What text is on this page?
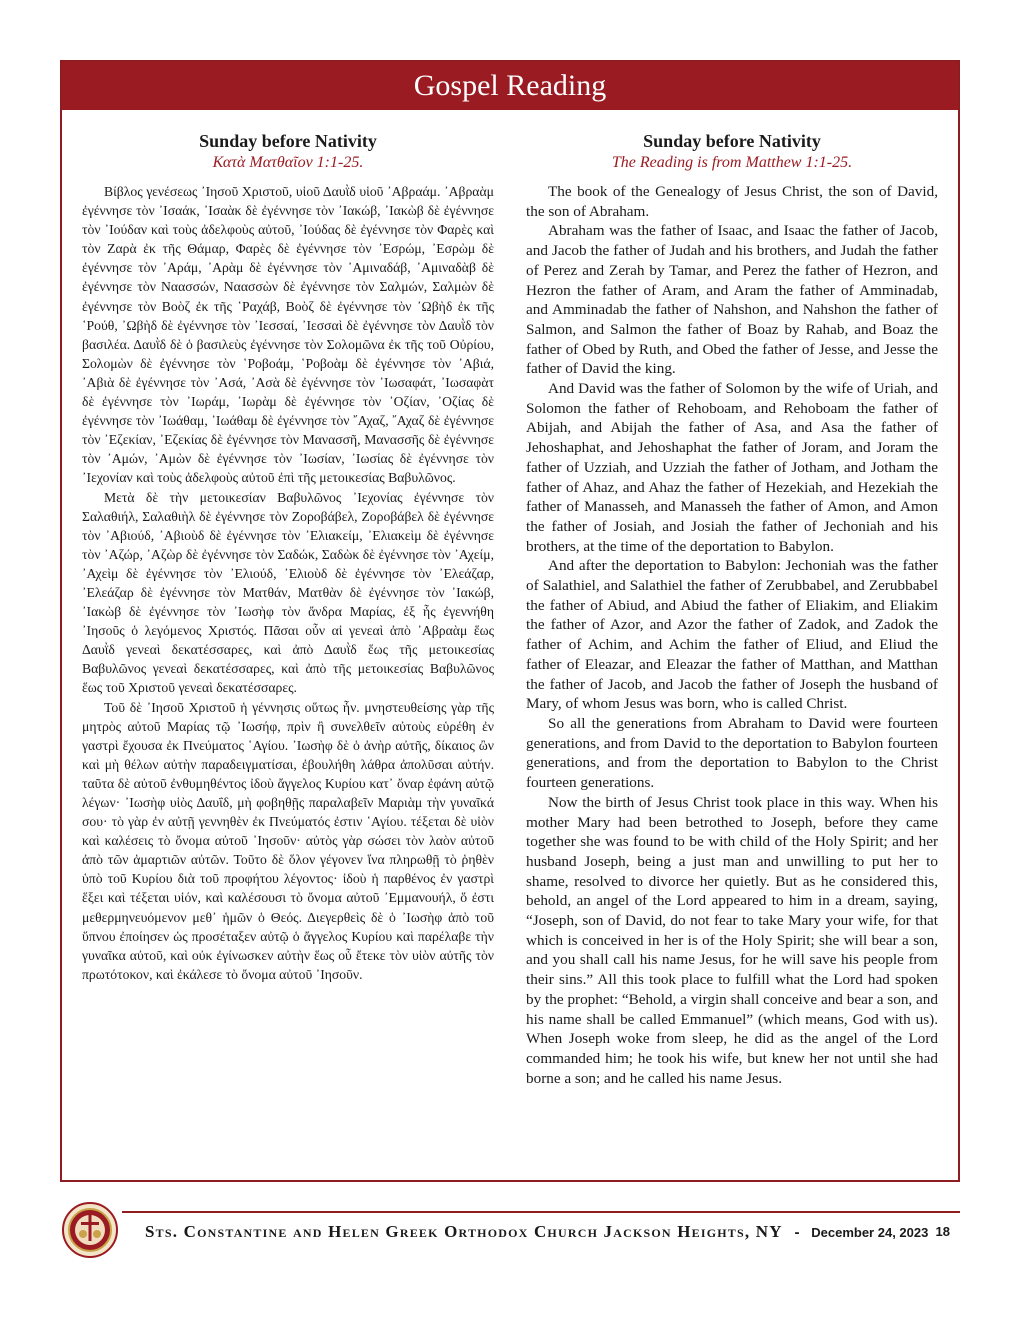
Gospel Reading
Sunday before Nativity
Κατὰ Ματθαῖον 1:1-25.

Βίβλος γενέσεως ᾿Ιησοῦ Χριστοῦ, υἱοῦ Δαυῒδ υἱοῦ ᾿Αβραάμ. ᾿Αβραὰμ ἐγέννησε τὸν ᾿Ισαάκ, ᾿Ισαὰκ δὲ ἐγέννησε τὸν ᾿Ιακώβ, ᾿Ιακὼβ δὲ ἐγέννησε τὸν ᾿Ιούδαν καὶ τοὺς ἀδελφοὺς αὐτοῦ, ᾿Ιούδας δὲ ἐγέννησε τὸν Φαρὲς καὶ τὸν Ζαρὰ ἐκ τῆς Θάμαρ, Φαρὲς δὲ ἐγέννησε τὸν ᾿Εσρώμ, ᾿Εσρὼμ δὲ ἐγέννησε τὸν ᾿Αράμ, ᾿Αρὰμ δὲ ἐγέννησε τὸν ᾿Αμιναδάβ, ᾿Αμιναδὰβ δὲ ἐγέννησε τὸν Ναασσών, Ναασσὼν δὲ ἐγέννησε τὸν Σαλμών, Σαλμὼν δὲ ἐγέννησε τὸν Βοὸζ ἐκ τῆς ῾Ραχάβ, Βοὸζ δὲ ἐγέννησε τὸν ᾿Ωβὴδ ἐκ τῆς ῾Ρούθ, ᾿Ωβὴδ δὲ ἐγέννησε τὸν ᾿Ιεσσαί, ᾿Ιεσσαὶ δὲ ἐγέννησε τὸν Δαυῒδ τὸν βασιλέα. Δαυῒδ δὲ ὁ βασιλεὺς ἐγέννησε τὸν Σολομῶνα ἐκ τῆς τοῦ Οὐρίου, Σολομὼν δὲ ἐγέννησε τὸν ῾Ροβοάμ, ῾Ροβοὰμ δὲ ἐγέννησε τὸν ᾿Αβιά, ᾿Αβιὰ δὲ ἐγέννησε τὸν ᾿Ασά, ᾿Ασὰ δὲ ἐγέννησε τὸν ᾿Ιωσαφάτ, ᾿Ιωσαφὰτ δὲ ἐγέννησε τὸν ᾿Ιωράμ, ᾿Ιωρὰμ δὲ ἐγέννησε τὸν ᾿Οζίαν, ᾿Οζίας δὲ ἐγέννησε τὸν ᾿Ιωάθαμ, ᾿Ιωάθαμ δὲ ἐγέννησε τὸν ῎Αχαζ, ῎Αχαζ δὲ ἐγέννησε τὸν ᾿Εζεκίαν, ᾿Εζεκίας δὲ ἐγέννησε τὸν Μανασσῆ, Μανασσῆς δὲ ἐγέννησε τὸν ᾿Αμών, ᾿Αμὼν δὲ ἐγέννησε τὸν ᾿Ιωσίαν, ᾿Ιωσίας δὲ ἐγέννησε τὸν ᾿Ιεχονίαν καὶ τοὺς ἀδελφοὺς αὐτοῦ ἐπὶ τῆς μετοικεσίας Βαβυλῶνος.

Μετὰ δὲ τὴν μετοικεσίαν Βαβυλῶνος ᾿Ιεχονίας ἐγέννησε τὸν Σαλαθιήλ, Σαλαθιὴλ δὲ ἐγέννησε τὸν Ζοροβάβελ, Ζοροβάβελ δὲ ἐγέννησε τὸν ᾿Αβιούδ, ᾿Αβιοὺδ δὲ ἐγέννησε τὸν ᾿Ελιακείμ, ᾿Ελιακεὶμ δὲ ἐγέννησε τὸν ᾿Αζώρ, ᾿Αζὼρ δὲ ἐγέννησε τὸν Σαδώκ, Σαδὼκ δὲ ἐγέννησε τὸν ᾿Αχείμ, ᾿Αχεὶμ δὲ ἐγέννησε τὸν ᾿Ελιούδ, ᾿Ελιοὺδ δὲ ἐγέννησε τὸν ᾿Ελεάζαρ, ᾿Ελεάζαρ δὲ ἐγέννησε τὸν Ματθάν, Ματθὰν δὲ ἐγέννησε τὸν ᾿Ιακώβ, ᾿Ιακὼβ δὲ ἐγέννησε τὸν ᾿Ιωσὴφ τὸν ἄνδρα Μαρίας, ἐξ ἧς ἐγεννήθη ᾿Ιησοῦς ὁ λεγόμενος Χριστός. Πᾶσαι οὖν αἱ γενεαὶ ἀπὸ ᾿Αβραὰμ ἕως Δαυῒδ γενεαὶ δεκατέσσαρες, καὶ ἀπὸ Δαυῒδ ἕως τῆς μετοικεσίας Βαβυλῶνος γενεαὶ δεκατέσσαρες, καὶ ἀπὸ τῆς μετοικεσίας Βαβυλῶνος ἕως τοῦ Χριστοῦ γενεαὶ δεκατέσσαρες.

Τοῦ δὲ ᾿Ιησοῦ Χριστοῦ ἡ γέννησις οὕτως ἦν. μνηστευθείσης γὰρ τῆς μητρὸς αὐτοῦ Μαρίας τῷ ᾿Ιωσήφ, πρὶν ἢ συνελθεῖν αὐτοὺς εὑρέθη ἐν γαστρὶ ἔχουσα ἐκ Πνεύματος ῾Αγίου. ᾿Ιωσὴφ δὲ ὁ ἀνὴρ αὐτῆς, δίκαιος ὢν καὶ μὴ θέλων αὐτὴν παραδειγματίσαι, ἐβουλήθη λάθρα ἀπολῦσαι αὐτήν. ταῦτα δὲ αὐτοῦ ἐνθυμηθέντος ἰδοὺ ἄγγελος Κυρίου κατ᾿ ὄναρ ἐφάνη αὐτῷ λέγων· ᾿Ιωσὴφ υἱὸς Δαυΐδ, μὴ φοβηθῇς παραλαβεῖν Μαριὰμ τὴν γυναῖκά σου· τὸ γὰρ ἐν αὐτῇ γεννηθὲν ἐκ Πνεύματός ἐστιν ῾Αγίου. τέξεται δὲ υἱὸν καὶ καλέσεις τὸ ὄνομα αὐτοῦ ᾿Ιησοῦν· αὐτὸς γὰρ σώσει τὸν λαὸν αὐτοῦ ἀπὸ τῶν ἁμαρτιῶν αὐτῶν. Τοῦτο δὲ ὅλον γέγονεν ἵνα πληρωθῇ τὸ ῥηθὲν ὑπὸ τοῦ Κυρίου διὰ τοῦ προφήτου λέγοντος· ἰδοὺ ἡ παρθένος ἐν γαστρὶ ἕξει καὶ τέξεται υἱόν, καὶ καλέσουσι τὸ ὄνομα αὐτοῦ ᾿Εμμανουήλ, ὅ ἐστι μεθερμηνευόμενον μεθ᾿ ἡμῶν ὁ Θεός. Διεγερθεὶς δὲ ὁ ᾿Ιωσὴφ ἀπὸ τοῦ ὕπνου ἐποίησεν ὡς προσέταξεν αὐτῷ ὁ ἄγγελος Κυρίου καὶ παρέλαβε τὴν γυναῖκα αὐτοῦ, καὶ οὐκ ἐγίνωσκεν αὐτὴν ἕως οὗ ἔτεκε τὸν υἱὸν αὐτῆς τὸν πρωτότοκον, καὶ ἐκάλεσε τὸ ὄνομα αὐτοῦ ᾿Ιησοῦν.

Sunday before Nativity
The Reading is from Matthew 1:1-25.

The book of the Genealogy of Jesus Christ, the son of David, the son of Abraham.

Abraham was the father of Isaac, and Isaac the father of Jacob, and Jacob the father of Judah and his brothers, and Judah the father of Perez and Zerah by Tamar, and Perez the father of Hezron, and Hezron the father of Aram, and Aram the father of Amminadab, and Amminadab the father of Nahshon, and Nahshon the father of Salmon, and Salmon the father of Boaz by Rahab, and Boaz the father of Obed by Ruth, and Obed the father of Jesse, and Jesse the father of David the king.

And David was the father of Solomon by the wife of Uriah, and Solomon the father of Rehoboam, and Rehoboam the father of Abijah, and Abijah the father of Asa, and Asa the father of Jehoshaphat, and Jehoshaphat the father of Joram, and Joram the father of Uzziah, and Uzziah the father of Jotham, and Jotham the father of Ahaz, and Ahaz the father of Hezekiah, and Hezekiah the father of Manasseh, and Manasseh the father of Amon, and Amon the father of Josiah, and Josiah the father of Jechoniah and his brothers, at the time of the deportation to Babylon.

And after the deportation to Babylon: Jechoniah was the father of Salathiel, and Salathiel the father of Zerubbabel, and Zerubbabel the father of Abiud, and Abiud the father of Eliakim, and Eliakim the father of Azor, and Azor the father of Zadok, and Zadok the father of Achim, and Achim the father of Eliud, and Eliud the father of Eleazar, and Eleazar the father of Matthan, and Matthan the father of Jacob, and Jacob the father of Joseph the husband of Mary, of whom Jesus was born, who is called Christ.

So all the generations from Abraham to David were fourteen generations, and from David to the deportation to Babylon fourteen generations, and from the deportation to Babylon to the Christ fourteen generations.

Now the birth of Jesus Christ took place in this way. When his mother Mary had been betrothed to Joseph, before they came together she was found to be with child of the Holy Spirit; and her husband Joseph, being a just man and unwilling to put her to shame, resolved to divorce her quietly. But as he considered this, behold, an angel of the Lord appeared to him in a dream, saying, “Joseph, son of David, do not fear to take Mary your wife, for that which is conceived in her is of the Holy Spirit; she will bear a son, and you shall call his name Jesus, for he will save his people from their sins.” All this took place to fulfill what the Lord had spoken by the prophet: “Behold, a virgin shall conceive and bear a son, and his name shall be called Emmanuel” (which means, God with us). When Joseph woke from sleep, he did as the angel of the Lord commanded him; he took his wife, but knew her not until she had borne a son; and he called his name Jesus.

Sts. Constantine and Helen Greek Orthodox Church Jackson Heights, NY - December 24, 2023 18
